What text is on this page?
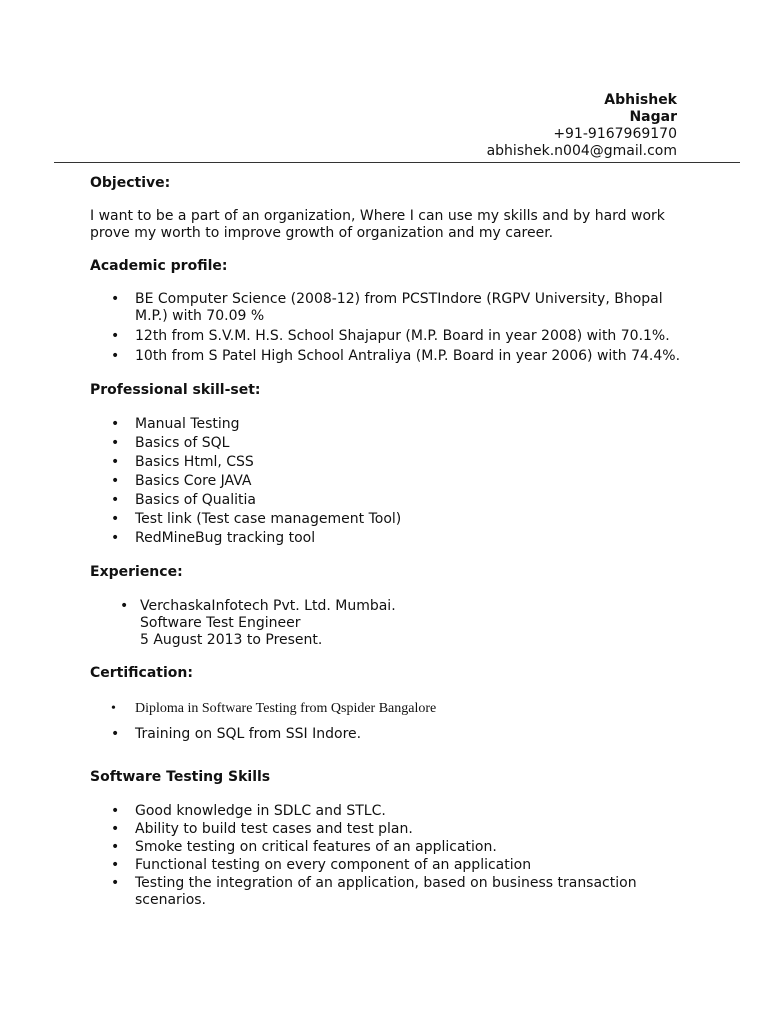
Abhishek
Nagar
+91-9167969170
abhishek.n004@gmail.com
Objective:

I want to be a part of an organization, Where I can use my skills and by hard work prove my worth to improve growth of organization and my career.

Academic profile:
• BE Computer Science (2008-12) from PCSTIndore (RGPV University, Bhopal M.P.) with 70.09 %
• 12th from S.V.M. H.S. School Shajapur (M.P. Board in year 2008) with 70.1%.
• 10th from S Patel High School Antraliya (M.P. Board in year 2006) with 74.4%.
Professional skill-set:
• Manual Testing
• Basics of SQL
• Basics Html, CSS
• Basics Core JAVA
• Basics of Qualitia
• Test link (Test case management Tool)
• RedMineBug tracking tool
Experience:
• VerchaskaInfotech Pvt. Ltd. Mumbai.
Software Test Engineer
5 August 2013 to Present.
Certification:
• Diploma in Software Testing from Qspider Bangalore
• Training on SQL from SSI Indore.
Software Testing Skills
• Good knowledge in SDLC and STLC.
• Ability to build test cases and test plan.
• Smoke testing on critical features of an application.
• Functional testing on every component of an application
• Testing the integration of an application, based on business transaction scenarios.
